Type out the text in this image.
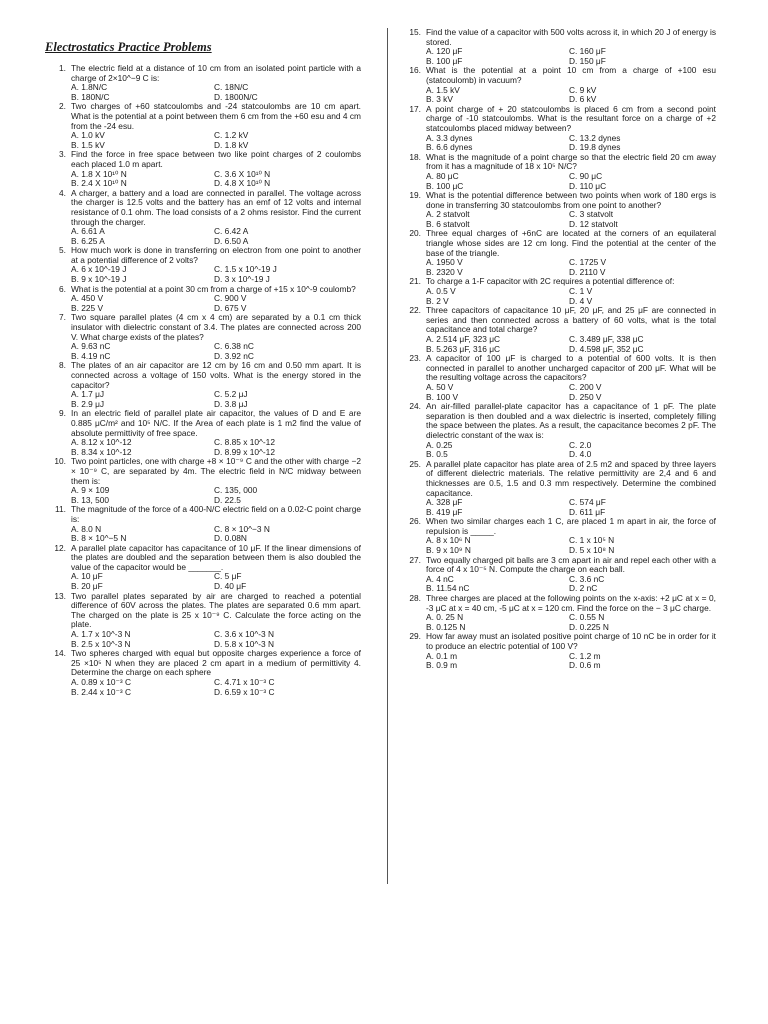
Electrostatics Practice Problems
1. The electric field at a distance of 10 cm from an isolated point particle with a charge of 2×10^−9 C is:
A. 1.8N/C	C. 18N/C
B. 180N/C	D. 1800N/C
2. Two charges of +60 statcoulombs and -24 statcoulombs are 10 cm apart. What is the potential at a point between them 6 cm from the +60 esu and 4 cm from the -24 esu.
A. 1.0 kV	C. 1.2 kV
B. 1.5 kV	D. 1.8 kV
3. Find the force in free space between two like point charges of 2 coulombs each placed 1.0 m apart.
A. 1.8 X 10¹⁰ N	C. 3.6 X 10¹⁰ N
B. 2.4 X 10¹⁰ N	D. 4.8 X 10¹⁰ N
4. A charger, a battery and a load are connected in parallel. The voltage across the charger is 12.5 volts and the battery has an emf of 12 volts and internal resistance of 0.1 ohm. The load consists of a 2 ohms resistor. Find the current through the charger.
A. 6.61 A	C. 6.42 A
B. 6.25 A	D. 6.50 A
5. How much work is done in transferring on electron from one point to another at a potential difference of 2 volts?
A. 6 x 10^-19 J	C. 1.5 x 10^-19 J
B. 9 x 10^-19 J	D. 3 x 10^-19 J
6. What is the potential at a point 30 cm from a charge of +15 x 10^-9 coulomb?
A. 450 V	C. 900 V
B. 225 V	D. 675 V
7. Two square parallel plates (4 cm x 4 cm) are separated by a 0.1 cm thick insulator with dielectric constant of 3.4. The plates are connected across 200 V. What charge exists of the plates?
A. 9.63 nC	C. 6.38 nC
B. 4.19 nC	D. 3.92 nC
8. The plates of an air capacitor are 12 cm by 16 cm and 0.50 mm apart. It is connected across a voltage of 150 volts. What is the energy stored in the capacitor?
A. 1.7 μJ	C. 5.2 μJ
B. 2.9 μJ	D. 3.8 μJ
9. In an electric field of parallel plate air capacitor, the values of D and E are 0.885 μC/m² and 10⁵ N/C. If the Area of each plate is 1 m2 find the value of absolute permittivity of free space.
A. 8.12 x 10^-12	C. 8.85 x 10^-12
B. 8.34 x 10^-12	D. 8.99 x 10^-12
10. Two point particles, one with charge +8 × 10⁻⁹ C and the other with charge −2 × 10⁻⁹ C, are separated by 4m. The electric field in N/C midway between them is:
A. 9 × 109	C. 135, 000
B. 13, 500	D. 22.5
11. The magnitude of the force of a 400-N/C electric field on a 0.02-C point charge is:
A. 8.0 N	C. 8 × 10^−3 N
B. 8 × 10^−5 N	D. 0.08N
12. A parallel plate capacitor has capacitance of 10 μF. If the linear dimensions of the plates are doubled and the separation between them is also doubled the value of the capacitor would be _______.
A. 10 μF	C. 5 μF
B. 20 μF	D. 40 μF
13. Two parallel plates separated by air are charged to reached a potential difference of 60V across the plates. The plates are separated 0.6 mm apart. The charged on the plate is 25 x 10⁻⁹ C. Calculate the force acting on the plate.
A. 1.7 x 10^-3 N	C. 3.6 x 10^-3 N
B. 2.5 x 10^-3 N	D. 5.8 x 10^-3 N
14. Two spheres charged with equal but opposite charges experience a force of 25 ×10⁵ N when they are placed 2 cm apart in a medium of permittivity 4. Determine the charge on each sphere
A. 0.89 x 10⁻³ C	C. 4.71 x 10⁻³ C
B. 2.44 x 10⁻³ C	D. 6.59 x 10⁻³ C
15. Find the value of a capacitor with 500 volts across it, in which 20 J of energy is stored.
A. 120 μF	C. 160 μF
B. 100 μF	D. 150 μF
16. What is the potential at a point 10 cm from a charge of +100 esu (statcoulomb) in vacuum?
A. 1.5 kV	C. 9 kV
B. 3 kV	D. 6 kV
17. A point charge of + 20 statcoulombs is placed 6 cm from a second point charge of -10 statcoulombs. What is the resultant force on a charge of +2 statcoulombs placed midway between?
A. 3.3 dynes	C. 13.2 dynes
B. 6.6 dynes	D. 19.8 dynes
18. What is the magnitude of a point charge so that the electric field 20 cm away from it has a magnitude of 18 x 10⁵ N/C?
A. 80 μC	C. 90 μC
B. 100 μC	D. 110 μC
19. What is the potential difference between two points when work of 180 ergs is done in transferring 30 statcoulombs from one point to another?
A. 2 statvolt	C. 3 statvolt
B. 6 statvolt	D. 12 statvolt
20. Three equal charges of +6nC are located at the corners of an equilateral triangle whose sides are 12 cm long. Find the potential at the center of the base of the triangle.
A. 1950 V	C. 1725 V
B. 2320 V	D. 2110 V
21. To charge a 1-F capacitor with 2C requires a potential difference of:
A. 0.5 V	C. 1 V
B. 2 V	D. 4 V
22. Three capacitors of capacitance 10 μF, 20 μF, and 25 μF are connected in series and then connected across a battery of 60 volts, what is the total capacitance and total charge?
A. 2.514 μF, 323 μC	C. 3.489 μF, 338 μC
B. 5.263 μF, 316 μC	D. 4.598 μF, 352 μC
23. A capacitor of 100 μF is charged to a potential of 600 volts. It is then connected in parallel to another uncharged capacitor of 200 μF. What will be the resulting voltage across the capacitors?
A. 50 V	C. 200 V
B. 100 V	D. 250 V
24. An air-filled parallel-plate capacitor has a capacitance of 1 pF. The plate separation is then doubled and a wax dielectric is inserted, completely filling the space between the plates. As a result, the capacitance becomes 2 pF. The dielectric constant of the wax is:
A. 0.25	C. 2.0
B. 0.5	D. 4.0
25. A parallel plate capacitor has plate area of 2.5 m2 and spaced by three layers of different dielectric materials. The relative permittivity are 2,4 and 6 and thicknesses are 0.5, 1.5 and 0.3 mm respectively. Determine the combined capacitance.
A. 328 μF	C. 574 μF
B. 419 μF	D. 611 μF
26. When two similar charges each 1 C, are placed 1 m apart in air, the force of repulsion is _____.
A. 8 x 10⁶ N	C. 1 x 10⁵ N
B. 9 x 10⁹ N	D. 5 x 10⁸ N
27. Two equally charged pit balls are 3 cm apart in air and repel each other with a force of 4 x 10⁻⁵ N. Compute the charge on each ball.
A. 4 nC	C. 3.6 nC
B. 11.54 nC	D. 2 nC
28. Three charges are placed at the following points on the x-axis: +2 μC at x = 0, -3 μC at x = 40 cm, -5 μC at x = 120 cm. Find the force on the − 3 μC charge.
A. 0. 25 N	C. 0.55 N
B. 0.125 N	D. 0.225 N
29. How far away must an isolated positive point charge of 10 nC be in order for it to produce an electric potential of 100 V?
A. 0.1 m	C. 1.2 m
B. 0.9 m	D. 0.6 m
